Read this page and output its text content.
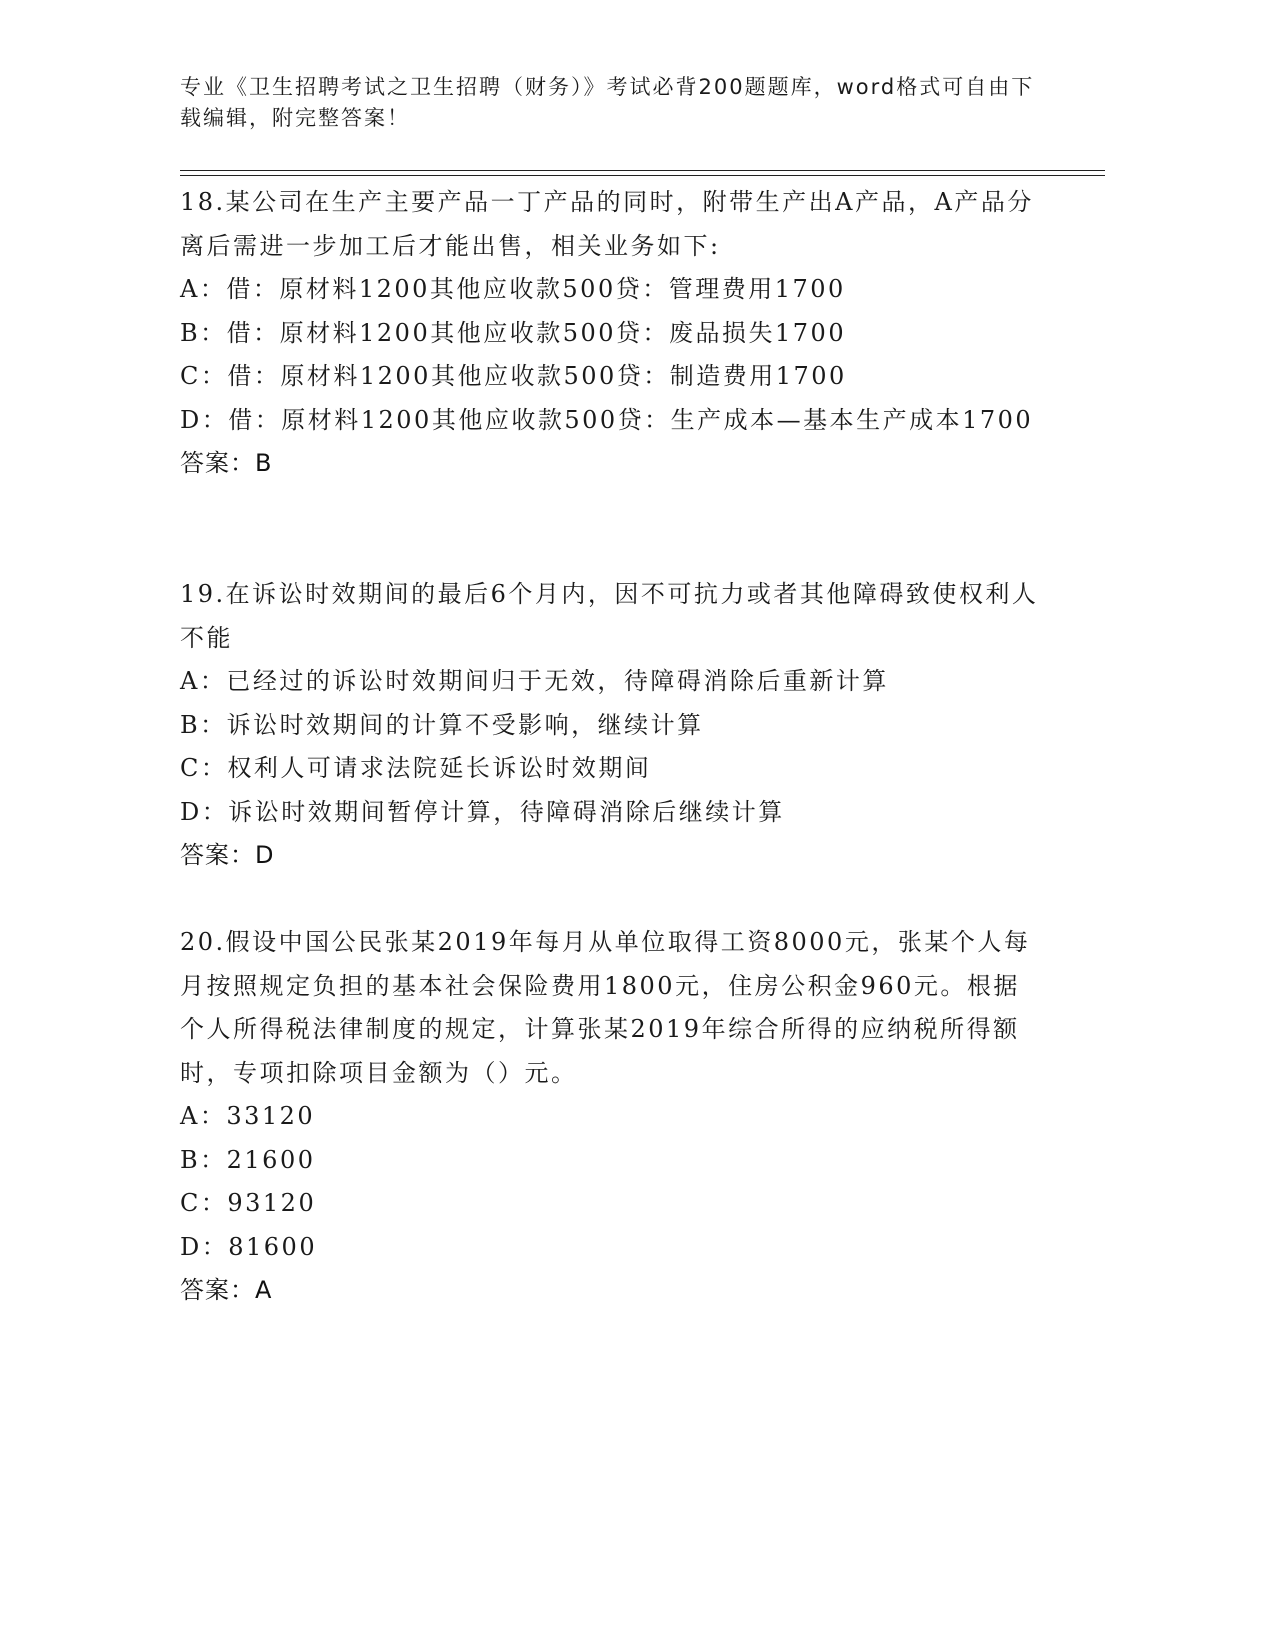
专业《卫生招聘考试之卫生招聘（财务）》考试必背200题题库，word格式可自由下载编辑，附完整答案！

18.某公司在生产主要产品一丁产品的同时，附带生产出A产品，A产品分离后需进一步加工后才能出售，相关业务如下:

A：借：原材料1200其他应收款500贷：管理费用1700

B：借：原材料1200其他应收款500贷：废品损失1700

C：借：原材料1200其他应收款500贷：制造费用1700

D：借：原材料1200其他应收款500贷：生产成本—基本生产成本1700

答案：B

19.在诉讼时效期间的最后6个月内，因不可抗力或者其他障碍致使权利人不能

A：已经过的诉讼时效期间归于无效，待障碍消除后重新计算

B：诉讼时效期间的计算不受影响，继续计算

C：权利人可请求法院延长诉讼时效期间

D：诉讼时效期间暂停计算，待障碍消除后继续计算

答案：D

20.假设中国公民张某2019年每月从单位取得工资8000元，张某个人每月按照规定负担的基本社会保险费用1800元，住房公积金960元。根据个人所得税法律制度的规定，计算张某2019年综合所得的应纳税所得额时，专项扣除项目金额为（）元。

A：33120

B：21600

C：93120

D：81600

答案：A
